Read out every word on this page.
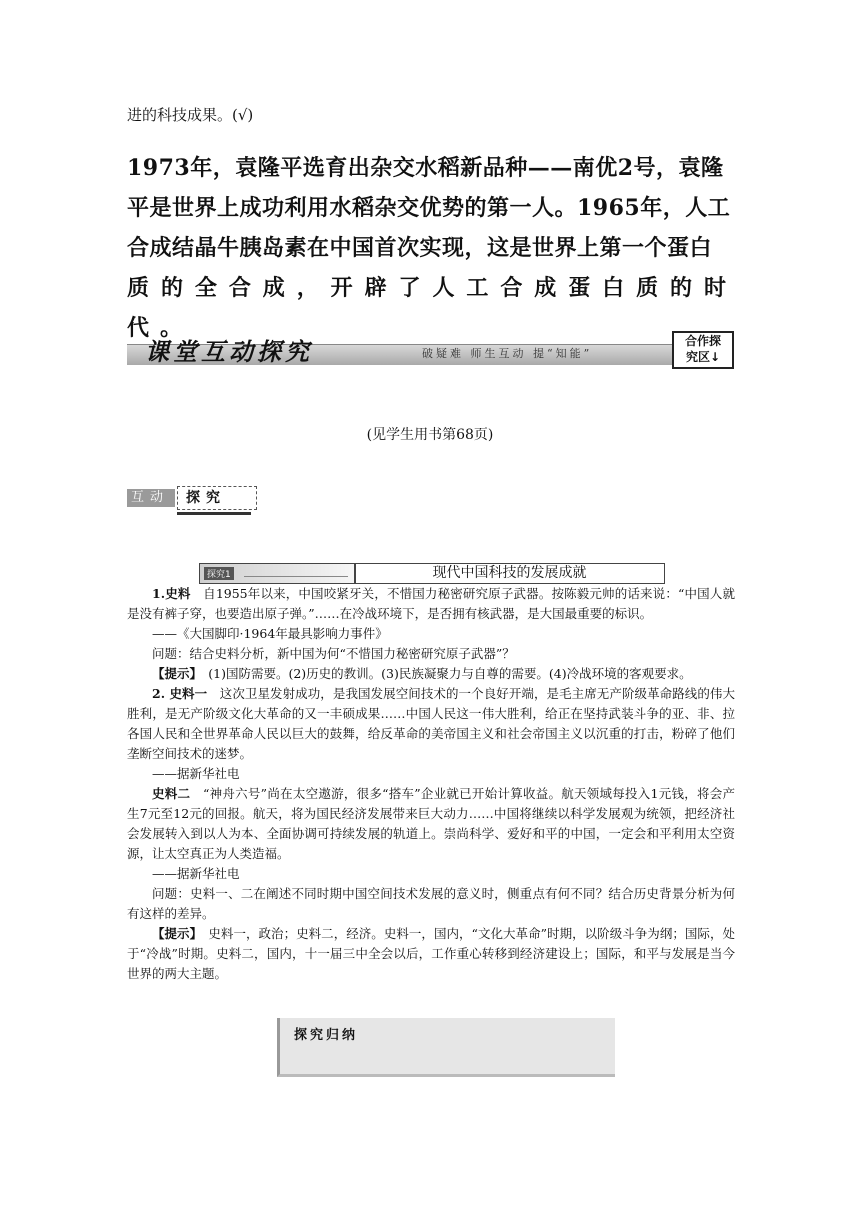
进的科技成果。(√)

1973年，袁隆平选育出杂交水稻新品种——南优2号，袁隆

平是世界上成功利用水稻杂交优势的第一人。1965年，人工

合成结晶牛胰岛素在中国首次实现，这是世界上第一个蛋白

质的全合成，开辟了人工合成蛋白质的时代。

课堂互动探究	破疑难 师生互动 提“知能”
合作探
究区↓
(见学生用书第68页)
互动	探究
探究1	现代中国科技的发展成就

1.史料　自1955年以来，中国咬紧牙关，不惜国力秘密研究原子武器。按陈毅元帅的话来说：“中国人就是没有裤子穿，也要造出原子弹。”……在冷战环境下，是否拥有核武器，是大国最重要的标识。

——《大国脚印·1964年最具影响力事件》

问题：结合史料分析，新中国为何“不惜国力秘密研究原子武器”？

【提示】　(1)国防需要。(2)历史的教训。(3)民族凝聚力与自尊的需要。(4)冷战环境的客观要求。

2. 史料一　这次卫星发射成功，是我国发展空间技术的一个良好开端，是毛主席无产阶级革命路线的伟大胜利，是无产阶级文化大革命的又一丰硕成果……中国人民这一伟大胜利，给正在坚持武装斗争的亚、非、拉各国人民和全世界革命人民以巨大的鼓舞，给反革命的美帝国主义和社会帝国主义以沉重的打击，粉碎了他们垄断空间技术的迷梦。

——据新华社电

史料二　“神舟六号”尚在太空遨游，很多“搭车”企业就已开始计算收益。航天领域每投入1元钱，将会产生7元至12元的回报。航天，将为国民经济发展带来巨大动力……中国将继续以科学发展观为统领，把经济社会发展转入到以人为本、全面协调可持续发展的轨道上。崇尚科学、爱好和平的中国，一定会和平利用太空资源，让太空真正为人类造福。

——据新华社电

问题：史料一、二在阐述不同时期中国空间技术发展的意义时，侧重点有何不同？结合历史背景分析为何有这样的差异。

【提示】　史料一，政治；史料二，经济。史料一，国内，“文化大革命”时期，以阶级斗争为纲；国际，处于“冷战”时期。史料二，国内，十一届三中全会以后，工作重心转移到经济建设上；国际，和平与发展是当今世界的两大主题。

探究归纳
